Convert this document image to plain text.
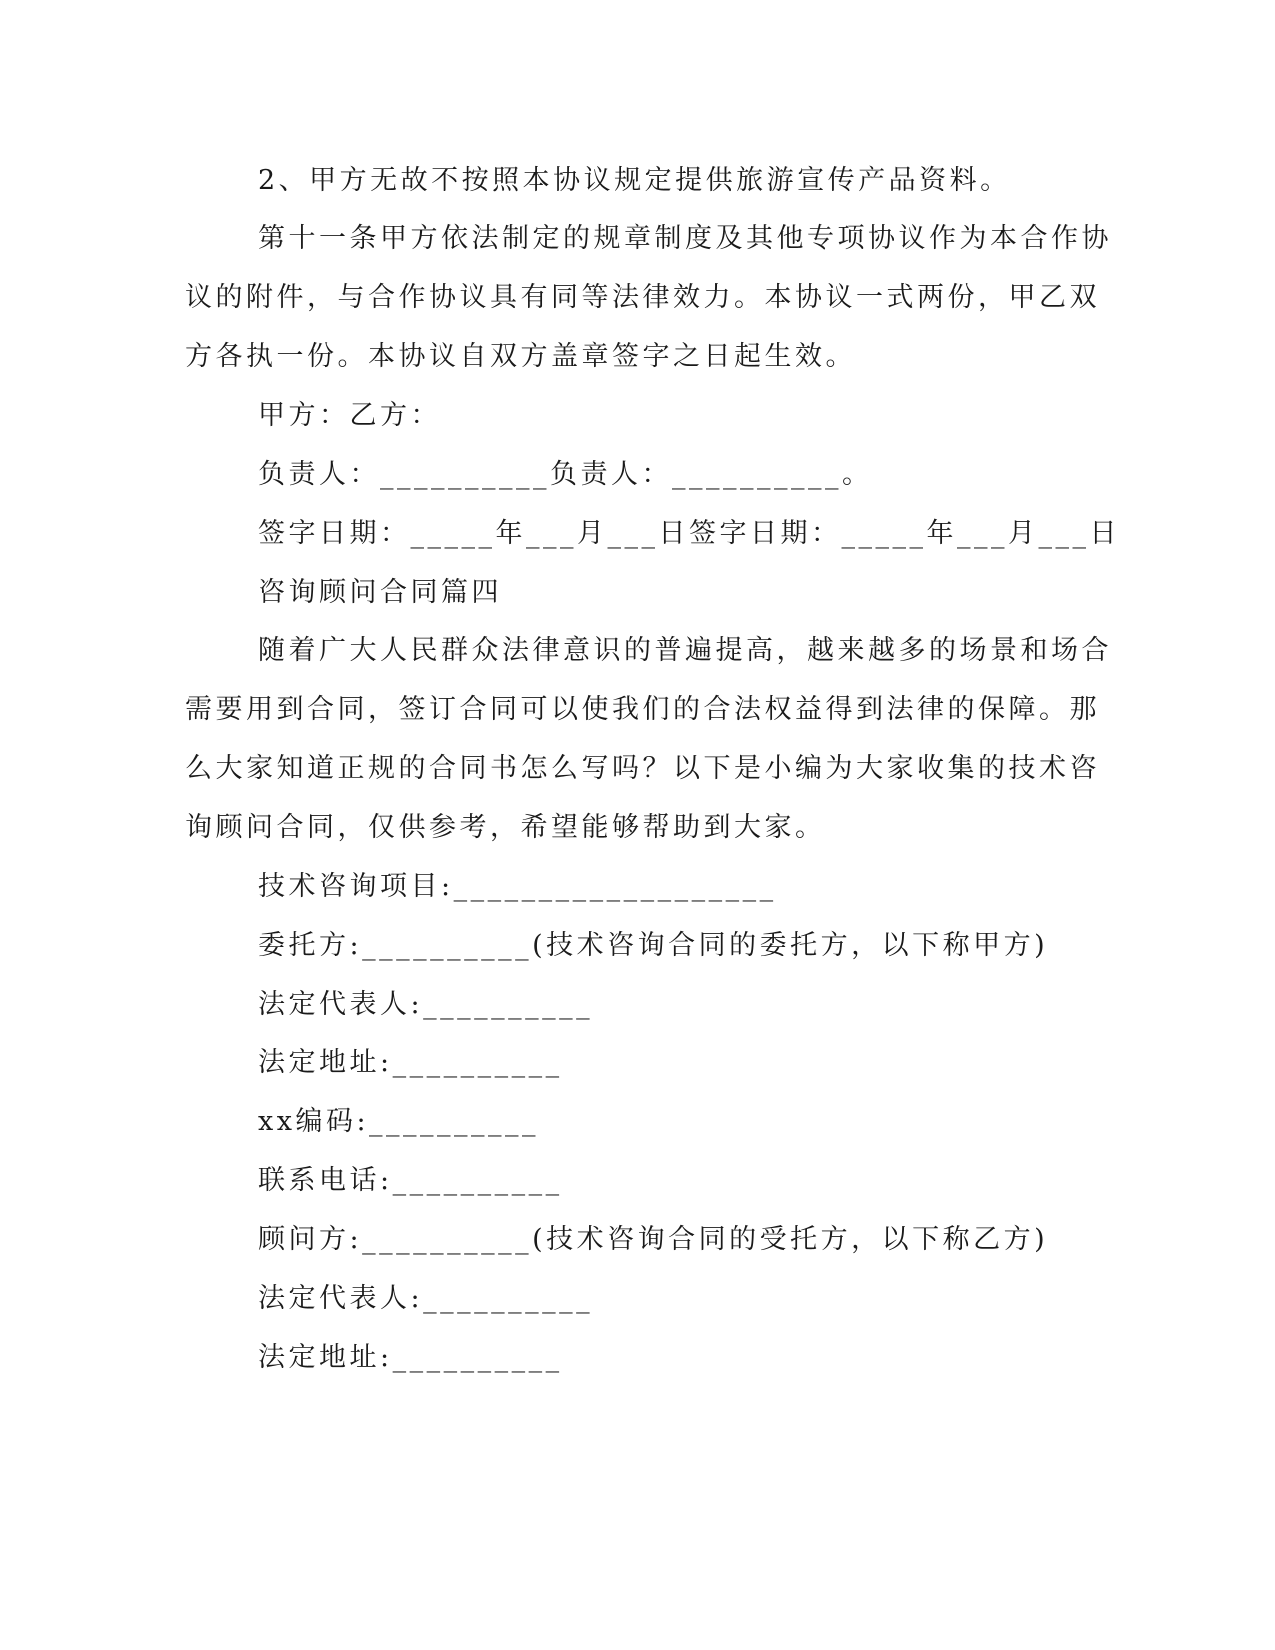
2、甲方无故不按照本协议规定提供旅游宣传产品资料。
第十一条甲方依法制定的规章制度及其他专项协议作为本合作协
议的附件，与合作协议具有同等法律效力。本协议一式两份，甲乙双
方各执一份。本协议自双方盖章签字之日起生效。
甲方：乙方：
负责人：__________负责人：__________。
签字日期：_____年___月___日签字日期：_____年___月___日
咨询顾问合同篇四
随着广大人民群众法律意识的普遍提高，越来越多的场景和场合
需要用到合同，签订合同可以使我们的合法权益得到法律的保障。那
么大家知道正规的合同书怎么写吗？以下是小编为大家收集的技术咨
询顾问合同，仅供参考，希望能够帮助到大家。
技术咨询项目:___________________
委托方:__________(技术咨询合同的委托方，以下称甲方)
法定代表人:__________
法定地址:__________
xx编码:__________
联系电话:__________
顾问方:__________(技术咨询合同的受托方，以下称乙方)
法定代表人:__________
法定地址:__________
